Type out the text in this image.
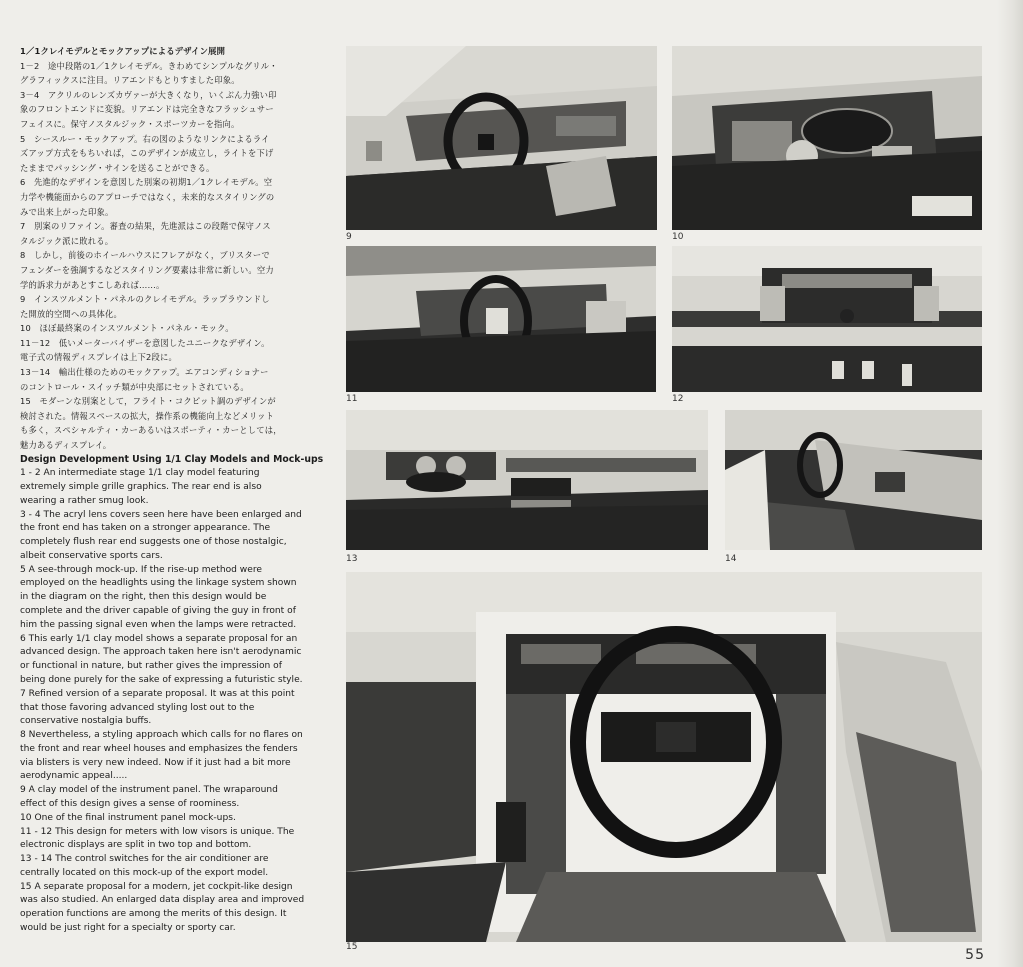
1／1クレイモデルとモックアップによるデザイン展開
1－2　途中段階の1／1クレイモデル。きわめてシンプルなグリル・
グラフィックスに注目。リアエンドもとりすました印象。
3－4　アクリルのレンズカヴァーが大きくなり，いくぶん力強い印
象のフロントエンドに変貌。リアエンドは完全きなフラッシュサー
フェイスに。保守ノスタルジック・スポーツカーを指向。
5　シースルー・モックアップ。右の図のようなリンクによるライ
ズアップ方式をもちいれば，このデザインが成立し，ライトを下げ
たままでパッシング・サインを送ることができる。
6　先進的なデザインを意図した別案の初期1／1クレイモデル。空
力学や機能面からのアプローチではなく，未来的なスタイリングの
みで出来上がった印象。
7　別案のリファイン。審査の結果，先進派はこの段階で保守ノス
タルジック派に敗れる。
8　しかし，前後のホイールハウスにフレアがなく，ブリスターで
フェンダーを強調するなどスタイリング要素は非常に新しい。空力
学的訴求力があとすこしあれば……。
9　インスツルメント・パネルのクレイモデル。ラップラウンドし
た開放的空間への具体化。
10　ほぼ最終案のインスツルメント・パネル・モック。
11－12　低いメーターバイザーを意図したユニークなデザイン。
電子式の情報ディスプレイは上下2段に。
13－14　輸出仕様のためのモックアップ。エアコンディショナー
のコントロール・スイッチ類が中央部にセットされている。
15　モダーンな別案として，フライト・コクピット調のデザインが
検討された。情報スペースの拡大，操作系の機能向上などメリット
も多く，スペシャルティ・カーあるいはスポーティ・カーとしては，
魅力あるディスプレイ。
Design Development Using 1/1 Clay Models and Mock-ups
1 - 2 An intermediate stage 1/1 clay model featuring
extremely simple grille graphics. The rear end is also
wearing a rather smug look.
3 - 4 The acryl lens covers seen here have been enlarged and
the front end has taken on a stronger appearance. The
completely flush rear end suggests one of those nostalgic,
albeit conservative sports cars.
5 A see-through mock-up. If the rise-up method were
employed on the headlights using the linkage system shown
in the diagram on the right, then this design would be
complete and the driver capable of giving the guy in front of
him the passing signal even when the lamps were retracted.
6 This early 1/1 clay model shows a separate proposal for an
advanced design. The approach taken here isn't aerodynamic
or functional in nature, but rather gives the impression of
being done purely for the sake of expressing a futuristic style.
7 Refined version of a separate proposal. It was at this point
that those favoring advanced styling lost out to the
conservative nostalgia buffs.
8 Nevertheless, a styling approach which calls for no flares on
the front and rear wheel houses and emphasizes the fenders
via blisters is very new indeed. Now if it just had a bit more
aerodynamic appeal.....
9 A clay model of the instrument panel. The wraparound
effect of this design gives a sense of roominess.
10 One of the final instrument panel mock-ups.
11 - 12 This design for meters with low visors is unique. The
electronic displays are split in two top and bottom.
13 - 14 The control switches for the air conditioner are
centrally located on this mock-up of the export model.
15 A separate proposal for a modern, jet cockpit-like design
was also studied. An enlarged data display area and improved
operation functions are among the merits of this design. It
would be just right for a specialty or sporty car.
9	10
11	12
13	14
15	55
